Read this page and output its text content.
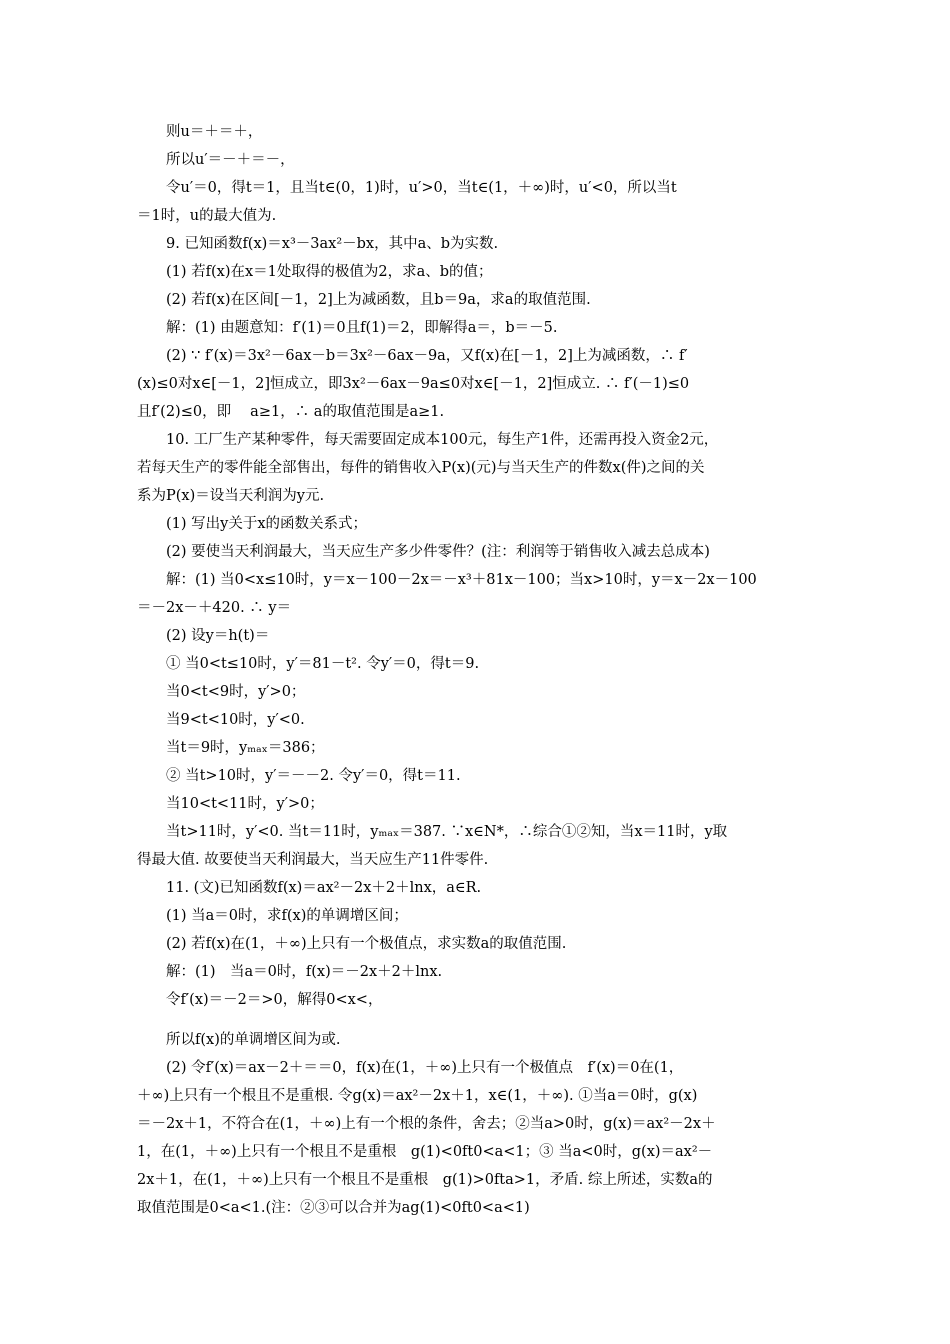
则u＝＋＝＋，
所以u′＝－＋＝－，
令u′＝0，得t＝1，且当t∈(0，1)时，u′>0，当t∈(1，＋∞)时，u′<0，所以当t
＝1时，u的最大值为.
9. 已知函数f(x)＝x³－3ax²－bx，其中a、b为实数.
(1) 若f(x)在x＝1处取得的极值为2，求a、b的值；
(2) 若f(x)在区间[－1，2]上为减函数，且b＝9a，求a的取值范围.
解：(1) 由题意知：f′(1)＝0且f(1)＝2，即解得a＝，b＝－5.
(2) ∵ f′(x)＝3x²－6ax－b＝3x²－6ax－9a，又f(x)在[－1，2]上为减函数，∴ f′
(x)≤0对x∈[－1，2]恒成立，即3x²－6ax－9a≤0对x∈[－1，2]恒成立. ∴ f′(－1)≤0
且f′(2)≤0，即　 a≥1，∴ a的取值范围是a≥1.
10. 工厂生产某种零件，每天需要固定成本100元，每生产1件，还需再投入资金2元，
若每天生产的零件能全部售出，每件的销售收入P(x)(元)与当天生产的件数x(件)之间的关
系为P(x)＝设当天利润为y元.
(1) 写出y关于x的函数关系式；
(2) 要使当天利润最大，当天应生产多少件零件？(注：利润等于销售收入减去总成本)
解：(1) 当0<x≤10时，y＝x－100－2x＝－x³＋81x－100；当x>10时，y＝x－2x－100
＝－2x－＋420. ∴ y＝
(2) 设y＝h(t)＝
① 当0<t≤10时，y′＝81－t². 令y′＝0，得t＝9.
当0<t<9时，y′>0；
当9<t<10时，y′<0.
当t＝9时，yₘₐₓ＝386；
② 当t>10时，y′＝－－2. 令y′＝0，得t＝11.
当10<t<11时，y′>0；
当t>11时，y′<0. 当t＝11时，yₘₐₓ＝387. ∵x∈N*，∴综合①②知，当x＝11时，y取
得最大值. 故要使当天利润最大，当天应生产11件零件.
11. (文)已知函数f(x)＝ax²－2x＋2＋lnx，a∈R.
(1) 当a＝0时，求f(x)的单调增区间；
(2) 若f(x)在(1，＋∞)上只有一个极值点，求实数a的取值范围.
解：(1)　当a＝0时，f(x)＝－2x＋2＋lnx.
令f′(x)＝－2＝>0，解得0<x<，
所以f(x)的单调增区间为或.
(2) 令f′(x)＝ax－2＋＝＝0，f(x)在(1，＋∞)上只有一个极值点　f′(x)＝0在(1，
＋∞)上只有一个根且不是重根. 令g(x)＝ax²－2x＋1，x∈(1，＋∞). ①当a＝0时，g(x)
＝－2x＋1，不符合在(1，＋∞)上有一个根的条件，舍去；②当a>0时，g(x)＝ax²－2x＋
1，在(1，＋∞)上只有一个根且不是重根　g(1)<0ft0<a<1；③ 当a<0时，g(x)＝ax²－
2x＋1，在(1，＋∞)上只有一个根且不是重根　g(1)>0fta>1，矛盾. 综上所述，实数a的
取值范围是0<a<1.(注：②③可以合并为ag(1)<0ft0<a<1)
